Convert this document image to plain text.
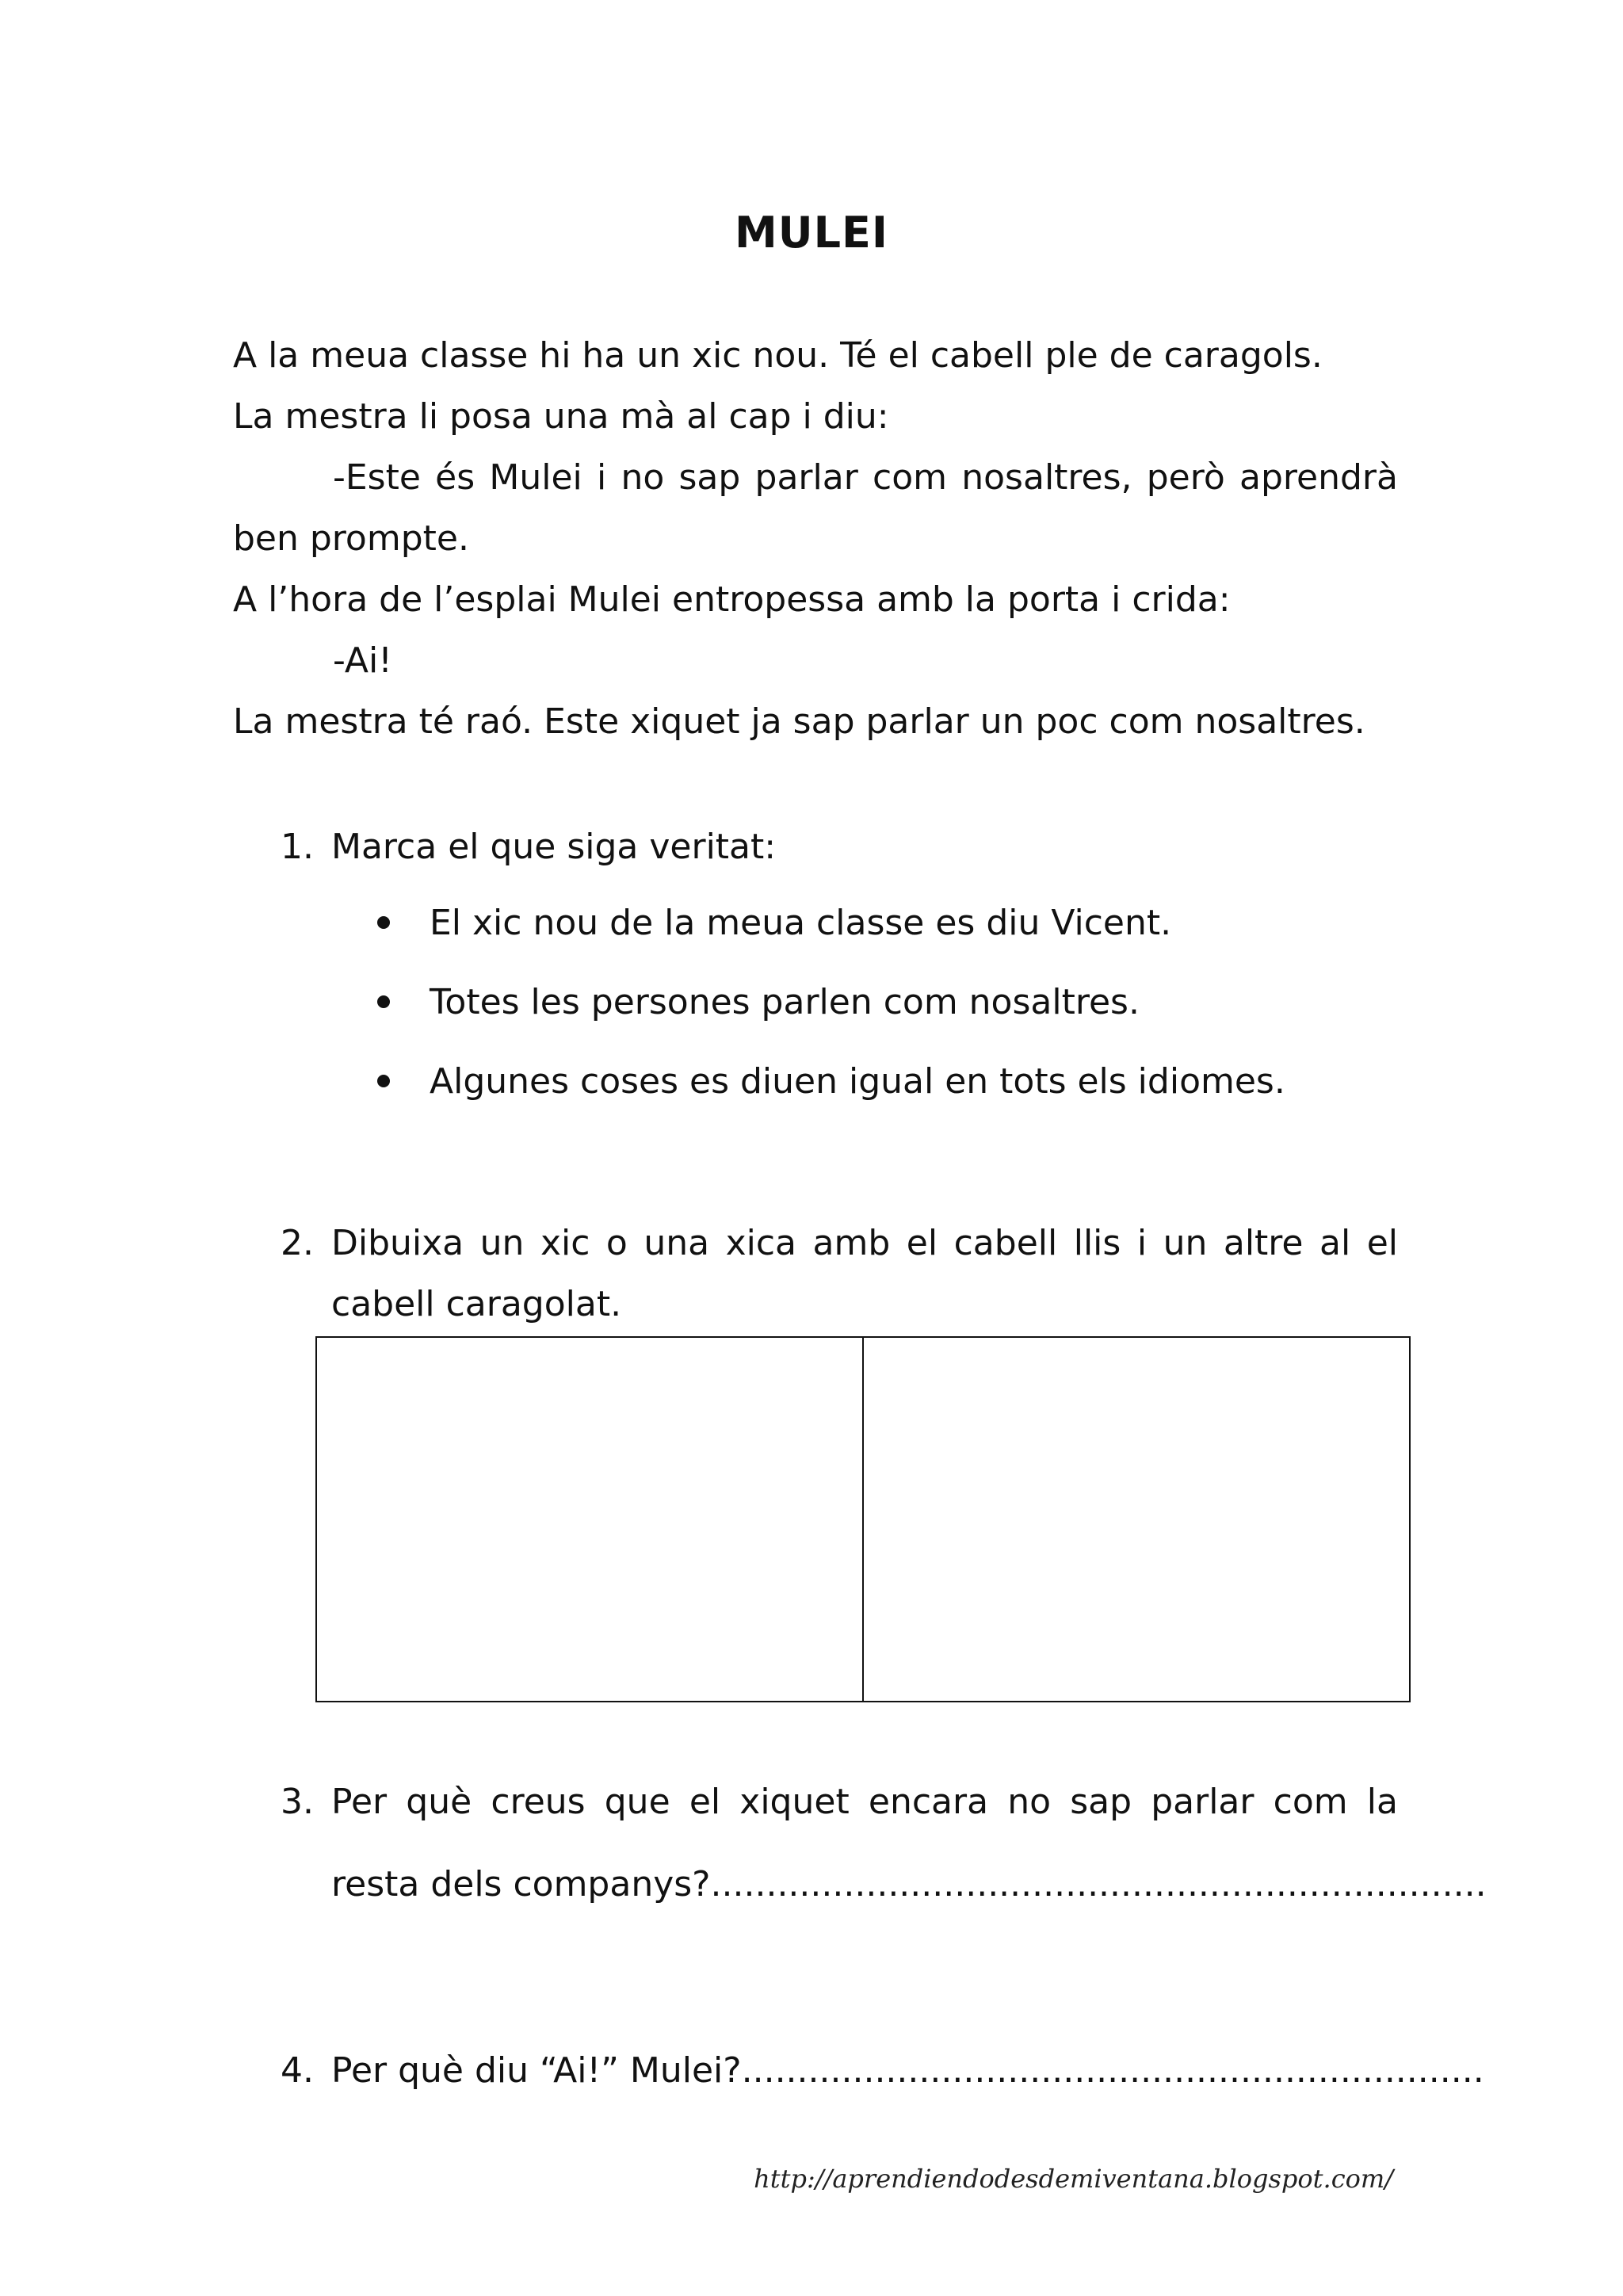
MULEI
A la meua classe hi ha un xic nou. Té el cabell ple de caragols.
La mestra li posa una mà al cap i diu:
-Este és Mulei i no sap parlar com nosaltres, però aprendrà
ben prompte.
A l’hora de l’esplai Mulei entropessa amb la porta i crida:
-Ai!
La mestra té raó. Este xiquet ja sap parlar un poc com nosaltres.
1. Marca el que siga veritat:
El xic nou de la meua classe es diu Vicent.
Totes les persones parlen com nosaltres.
Algunes coses es diuen igual en tots els idiomes.
2. Dibuixa un xic o una xica amb el cabell llis i un altre al el
cabell caragolat.
3. Per què creus que el xiquet encara no sap parlar com la
resta dels companys?......................................................................
4. Per què diu “Ai!” Mulei?...................................................................
http://aprendiendodesdemiventana.blogspot.com/
